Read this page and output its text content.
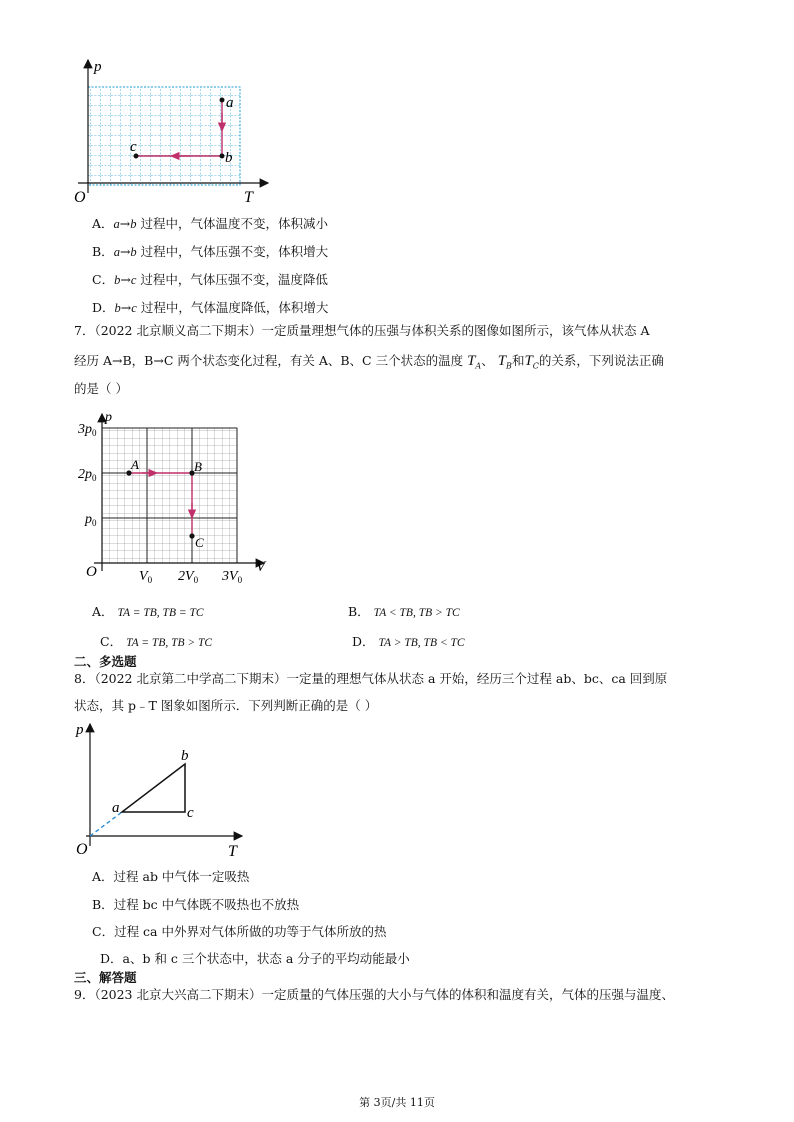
a
b
c
p
T
O
A．a→b 过程中，气体温度不变，体积减小
B．a→b 过程中，气体压强不变，体积增大
C．b→c 过程中，气体压强不变，温度降低
D．b→c 过程中，气体温度降低，体积增大
7．（2022 北京顺义高二下期末）一定质量理想气体的压强与体积关系的图像如图所示，该气体从状态 A
经历 A→B，B→C 两个状态变化过程，有关 A、B、C 三个状态的温度 $T_A$、 $T_B$和$T_C$的关系，下列说法正确
的是（ ）
A	B
C
p
V
O
$3p_0$
$2p_0$
$p_0$
$V_0$ $2V_0$ $3V_0$
A． TA = TB, TB = TC	B． TA < TB, TB > TC
C． TA = TB, TB > TC	D． TA > TB, TB < TC
二、多选题
8．（2022 北京第二中学高二下期末）一定量的理想气体从状态 a 开始，经历三个过程 ab、bc、ca 回到原
状态，其 p﹣T 图象如图所示．下列判断正确的是（ ）
a
b
c
p
T
O
A．过程 ab 中气体一定吸热
B．过程 bc 中气体既不吸热也不放热
C．过程 ca 中外界对气体所做的功等于气体所放的热
D．a、b 和 c 三个状态中，状态 a 分子的平均动能最小
三、解答题
9．（2023 北京大兴高二下期末）一定质量的气体压强的大小与气体的体积和温度有关，气体的压强与温度、
第 3页/共 11页
